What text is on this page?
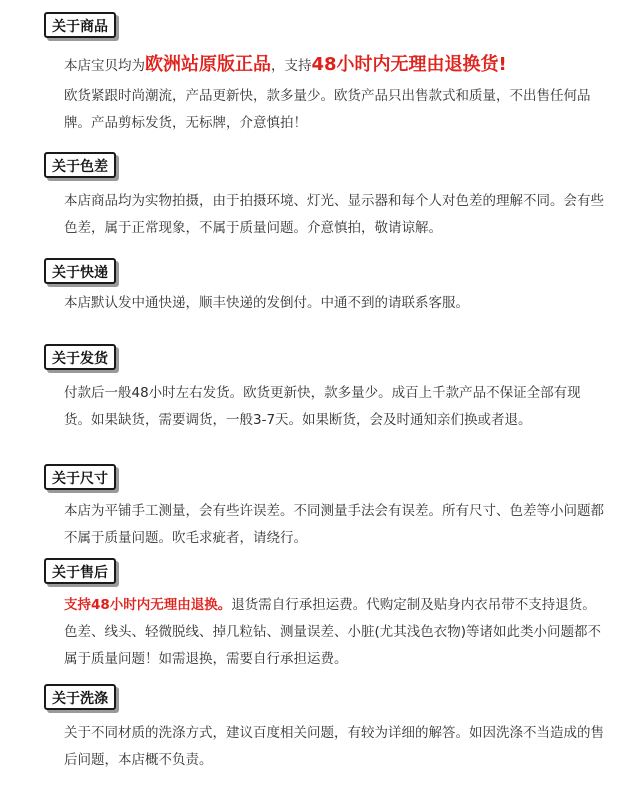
关于商品
本店宝贝均为欧洲站原版正品，支持48小时内无理由退换货!
欧货紧跟时尚潮流，产品更新快，款多量少。欧货产品只出售款式和质量，不出售任何品牌。产品剪标发货，无标牌，介意慎拍！
关于色差
本店商品均为实物拍摄，由于拍摄环境、灯光、显示器和每个人对色差的理解不同。会有些色差，属于正常现象，不属于质量问题。介意慎拍，敬请谅解。
关于快递
本店默认发中通快递，顺丰快递的发倒付。中通不到的请联系客服。
关于发货
付款后一般48小时左右发货。欧货更新快，款多量少。成百上千款产品不保证全部有现货。如果缺货，需要调货，一般3-7天。如果断货，会及时通知亲们换或者退。
关于尺寸
本店为平铺手工测量，会有些许误差。不同测量手法会有误差。所有尺寸、色差等小问题都不属于质量问题。吹毛求疵者，请绕行。
关于售后
支持48小时内无理由退换。退货需自行承担运费。代购定制及贴身内衣吊带不支持退货。色差、线头、轻微脱线、掉几粒钻、测量误差、小脏(尤其浅色衣物)等诸如此类小问题都不属于质量问题！如需退换，需要自行承担运费。
关于洗涤
关于不同材质的洗涤方式，建议百度相关问题，有较为详细的解答。如因洗涤不当造成的售后问题，本店概不负责。
